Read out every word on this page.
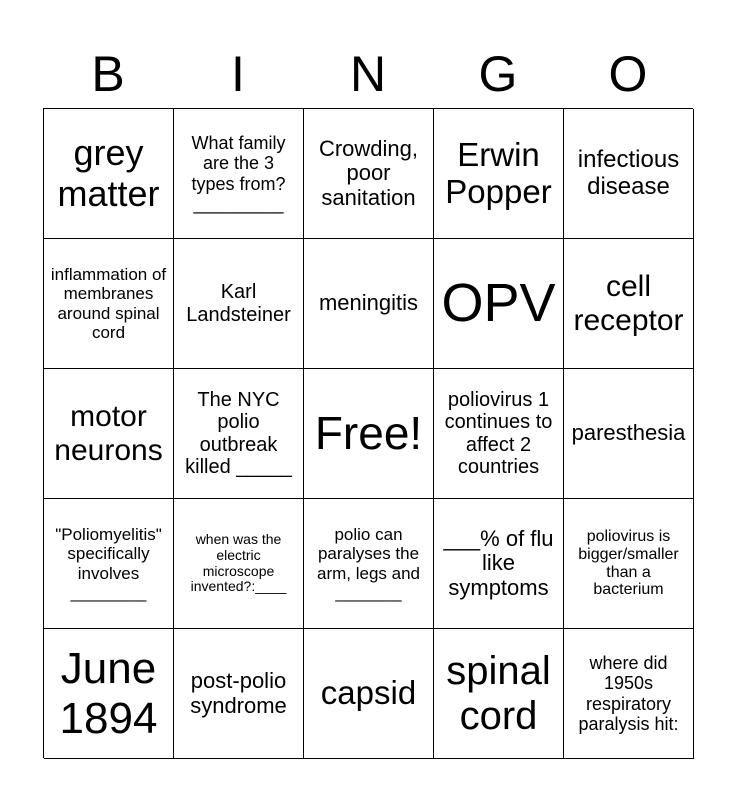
B	I	N	G	O
grey matter
What family are the 3 types from? _________
Crowding, poor sanitation
Erwin Popper
infectious disease
inflammation of membranes around spinal cord
Karl Landsteiner	meningitis OPV	cell receptor
motor neurons
The NYC polio outbreak killed _____
Free!
poliovirus 1 continues to affect 2 countries
paresthesia
"Poliomyelitis" specifically involves ________
when was the electric microscope invented?:____
polio can paralyses the arm, legs and _______
___% of flu like symptoms
poliovirus is bigger/smaller than a bacterium
June 1894
post-polio syndrome	capsid spinal cord
where did 1950s respiratory paralysis hit:
